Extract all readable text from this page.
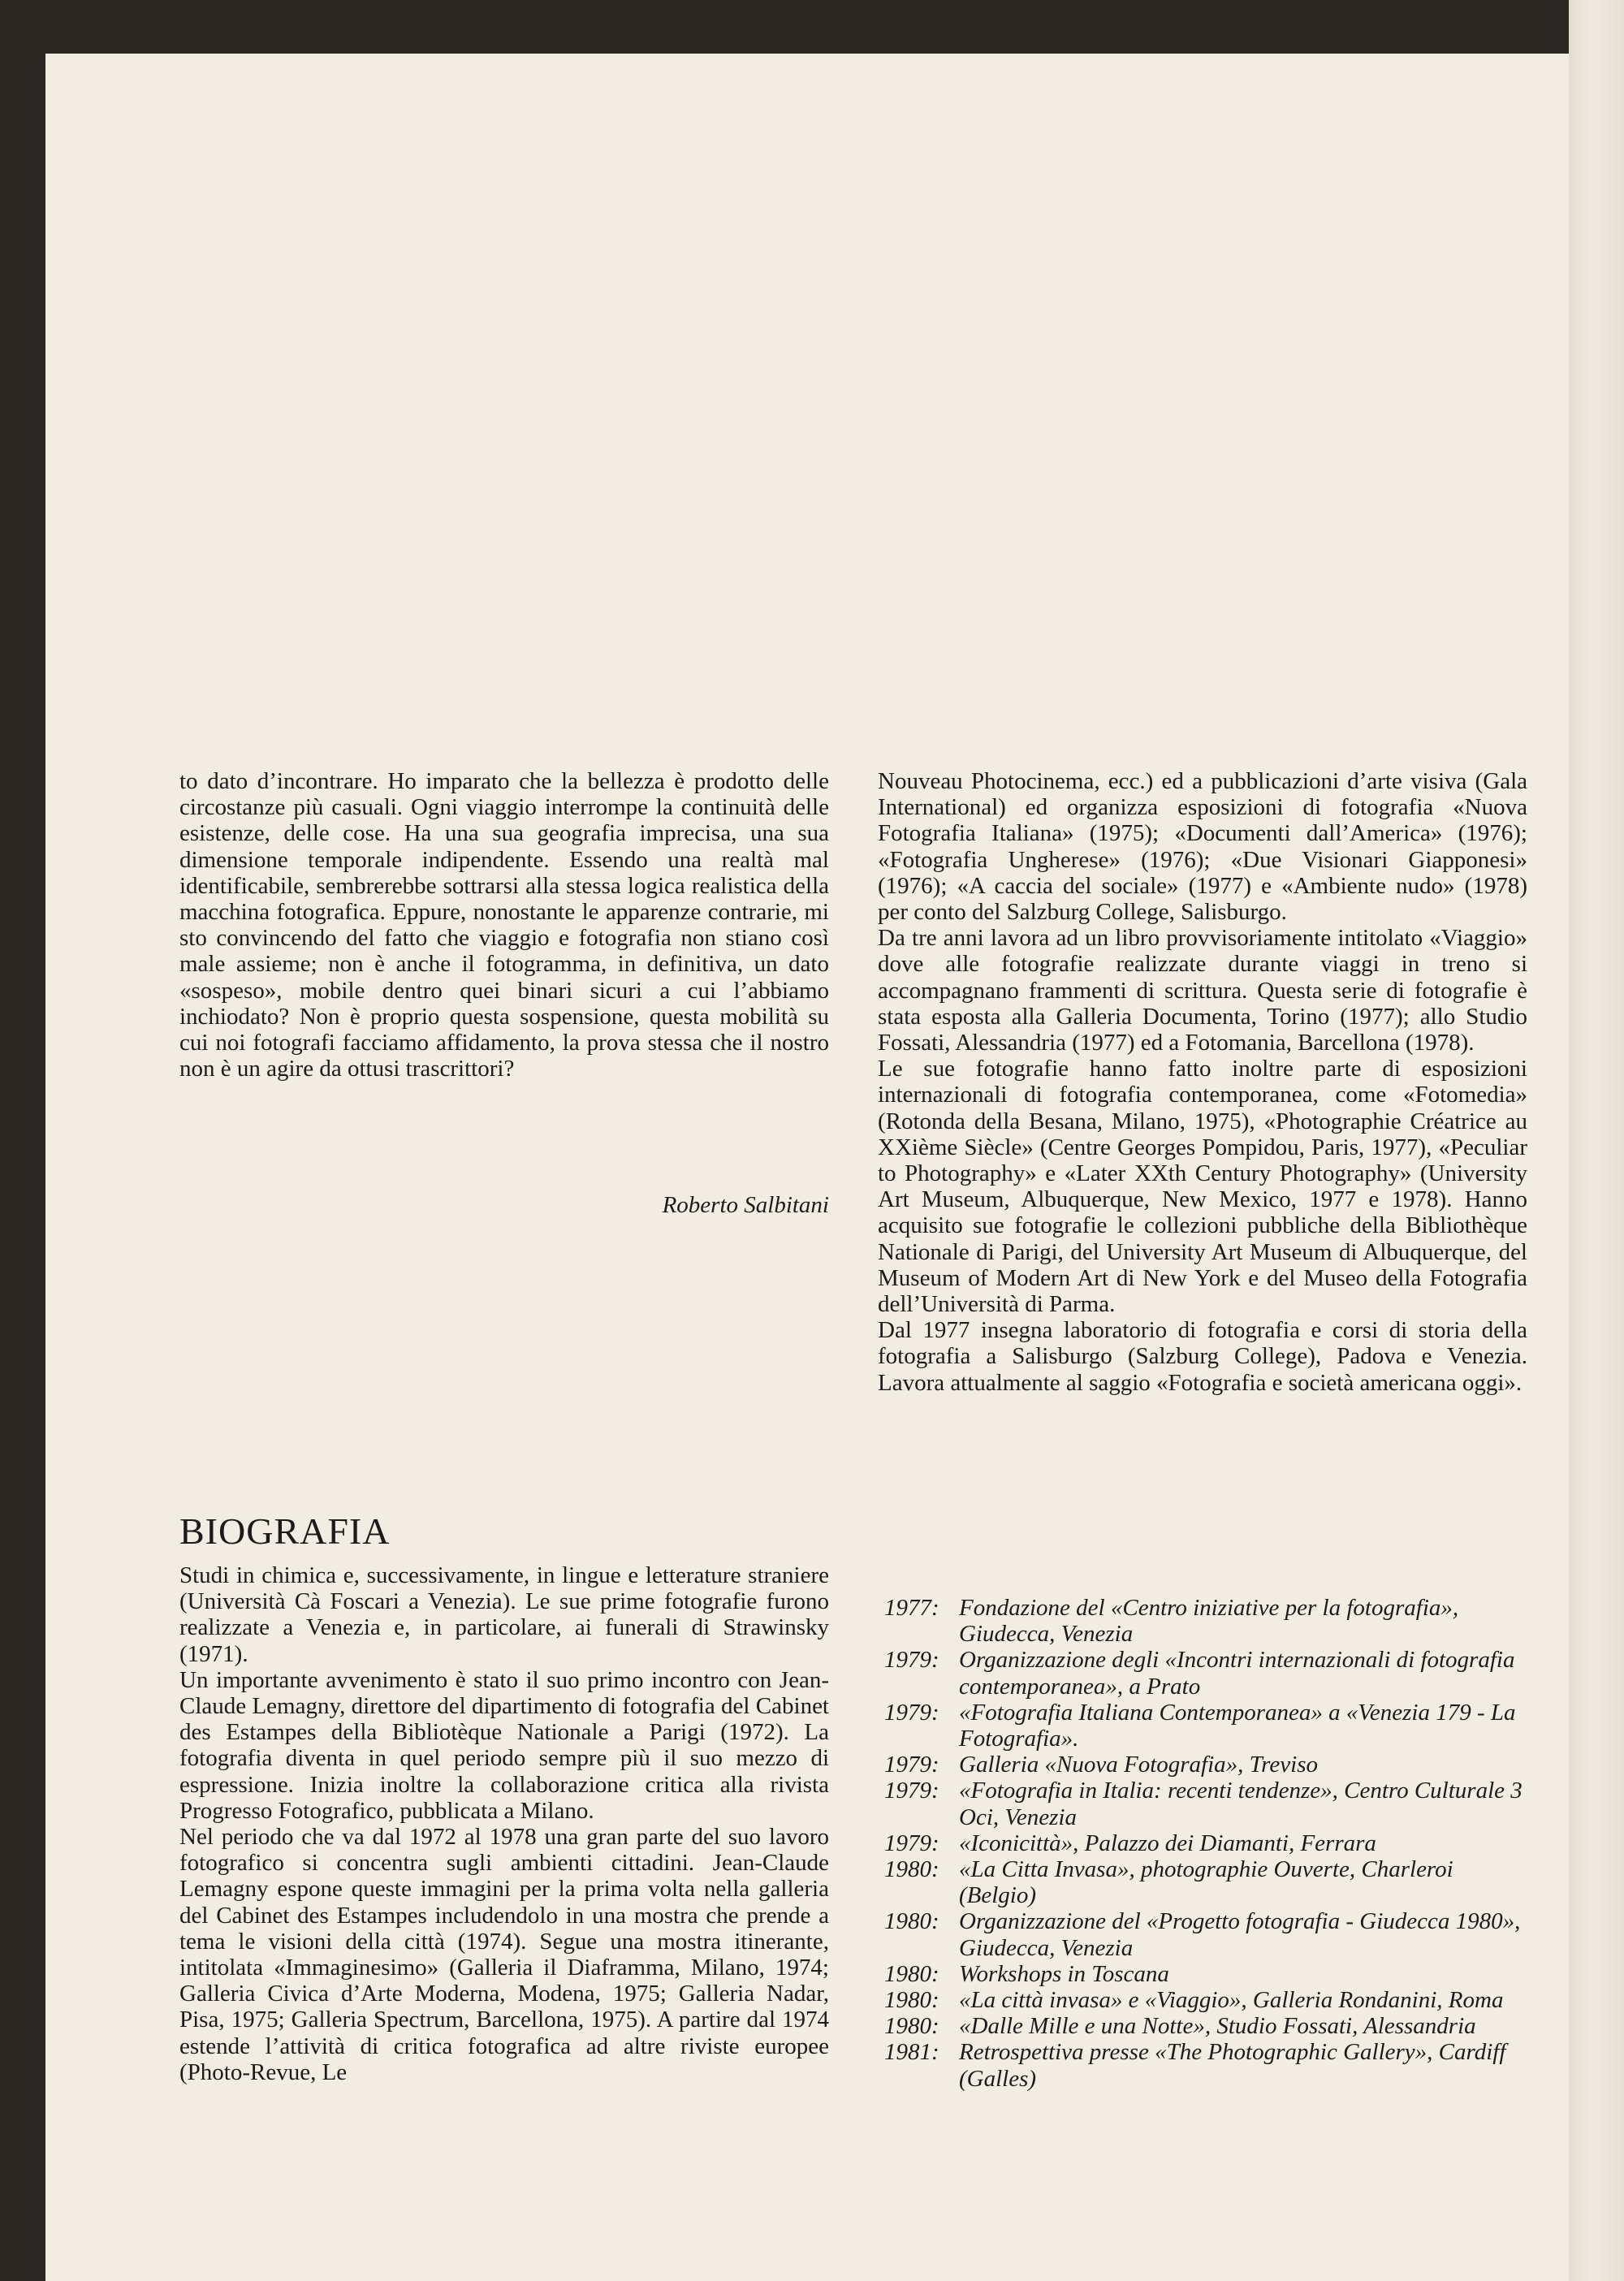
to dato d’incontrare. Ho imparato che la bellezza è prodotto delle circostanze più casuali. Ogni viaggio interrompe la continuità delle esistenze, delle cose. Ha una sua geografia imprecisa, una sua dimensione temporale indipendente. Essendo una realtà mal identificabile, sembrerebbe sottrarsi alla stessa logica realistica della macchina fotografica. Eppure, nonostante le apparenze contrarie, mi sto convincendo del fatto che viaggio e fotografia non stiano così male assieme; non è anche il fotogramma, in definitiva, un dato «sospeso», mobile dentro quei binari sicuri a cui l’abbiamo inchiodato? Non è proprio questa sospensione, questa mobilità su cui noi fotografi facciamo affidamento, la prova stessa che il nostro non è un agire da ottusi trascrittori?

Roberto Salbitani
BIOGRAFIA

Studi in chimica e, successivamente, in lingue e letterature straniere (Università Cà Foscari a Venezia). Le sue prime fotografie furono realizzate a Venezia e, in particolare, ai funerali di Strawinsky (1971).

Un importante avvenimento è stato il suo primo incontro con Jean-Claude Lemagny, direttore del dipartimento di fotografia del Cabinet des Estampes della Bibliotèque Nationale a Parigi (1972). La fotografia diventa in quel periodo sempre più il suo mezzo di espressione. Inizia inoltre la collaborazione critica alla rivista Progresso Fotografico, pubblicata a Milano.

Nel periodo che va dal 1972 al 1978 una gran parte del suo lavoro fotografico si concentra sugli ambienti cittadini. Jean-Claude Lemagny espone queste immagini per la prima volta nella galleria del Cabinet des Estampes includendolo in una mostra che prende a tema le visioni della città (1974). Segue una mostra itinerante, intitolata «Immaginesimo» (Galleria il Diaframma, Milano, 1974; Galleria Civica d’Arte Moderna, Modena, 1975; Galleria Nadar, Pisa, 1975; Galleria Spectrum, Barcellona, 1975). A partire dal 1974 estende l’attività di critica fotografica ad altre riviste europee (Photo-Revue, Le

Nouveau Photocinema, ecc.) ed a pubblicazioni d’arte visiva (Gala International) ed organizza esposizioni di fotografia «Nuova Fotografia Italiana» (1975); «Documenti dall’America» (1976); «Fotografia Ungherese» (1976); «Due Visionari Giapponesi» (1976); «A caccia del sociale» (1977) e «Ambiente nudo» (1978) per conto del Salzburg College, Salisburgo.

Da tre anni lavora ad un libro provvisoriamente intitolato «Viaggio» dove alle fotografie realizzate durante viaggi in treno si accompagnano frammenti di scrittura. Questa serie di fotografie è stata esposta alla Galleria Documenta, Torino (1977); allo Studio Fossati, Alessandria (1977) ed a Fotomania, Barcellona (1978).

Le sue fotografie hanno fatto inoltre parte di esposizioni internazionali di fotografia contemporanea, come «Fotomedia» (Rotonda della Besana, Milano, 1975), «Photographie Créatrice au XXième Siècle» (Centre Georges Pompidou, Paris, 1977), «Peculiar to Photography» e «Later XXth Century Photography» (University Art Museum, Albuquerque, New Mexico, 1977 e 1978). Hanno acquisito sue fotografie le collezioni pubbliche della Bibliothèque Nationale di Parigi, del University Art Museum di Albuquerque, del Museum of Modern Art di New York e del Museo della Fotografia dell’Università di Parma.

Dal 1977 insegna laboratorio di fotografia e corsi di storia della fotografia a Salisburgo (Salzburg College), Padova e Venezia. Lavora attualmente al saggio «Fotografia e società americana oggi».

1977: Fondazione del «Centro iniziative per la fotografia», Giudecca, Venezia
1979: Organizzazione degli «Incontri internazionali di fotografia contemporanea», a Prato
1979: «Fotografia Italiana Contemporanea» a «Venezia 179 - La Fotografia».
1979: Galleria «Nuova Fotografia», Treviso
1979: «Fotografia in Italia: recenti tendenze», Centro Culturale 3 Oci, Venezia
1979: «Iconicittà», Palazzo dei Diamanti, Ferrara
1980: «La Citta Invasa», photographie Ouverte, Charleroi (Belgio)
1980: Organizzazione del «Progetto fotografia - Giudecca 1980», Giudecca, Venezia
1980: Workshops in Toscana
1980: «La città invasa» e «Viaggio», Galleria Rondanini, Roma
1980: «Dalle Mille e una Notte», Studio Fossati, Alessandria
1981: Retrospettiva presse «The Photographic Gallery», Cardiff (Galles)
